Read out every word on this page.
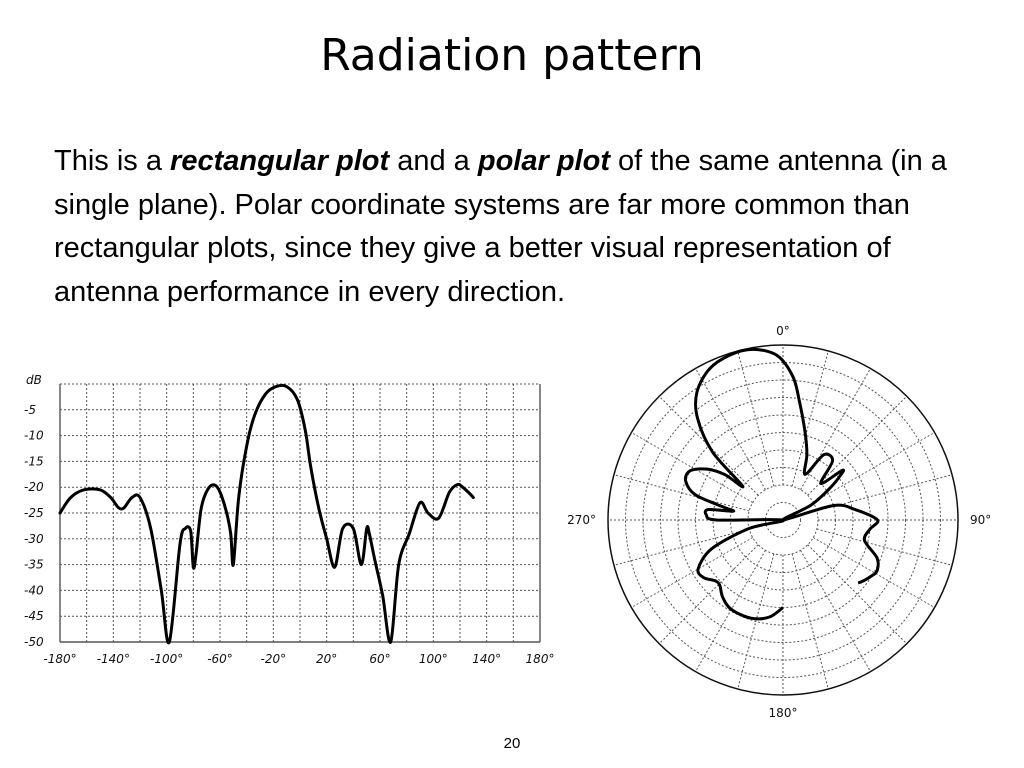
Radiation pattern

This is a rectangular plot and a polar plot of the same antenna (in a single plane). Polar coordinate systems are far more common than rectangular plots, since they give a better visual representation of antenna performance in every direction.

dB
-5
-10
-15
-20
-25
-30
-35
-40
-45
-50
-180° -140° -100° -60° -20° 20°	60° 100° 140° 180°
0°
90°
180°
270°
20
